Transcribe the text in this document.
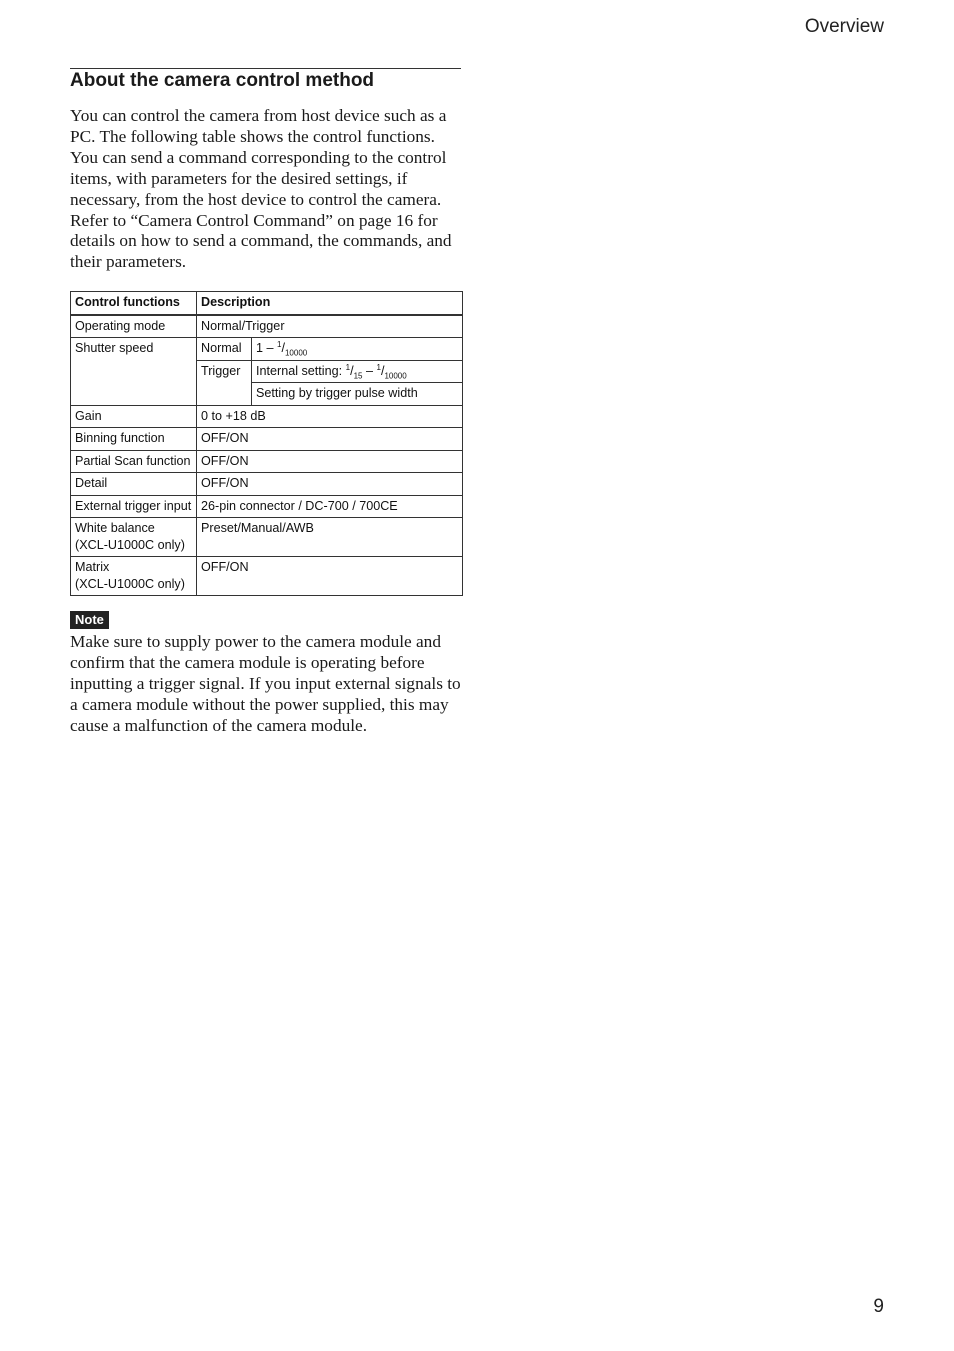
Overview
About the camera control method

You can control the camera from host device such as a PC. The following table shows the control functions. You can send a command corresponding to the control items, with parameters for the desired settings, if necessary, from the host device to control the camera. Refer to “Camera Control Command” on page 16 for details on how to send a command, the commands, and their parameters.

Control functions	Description	
Operating mode	Normal/Trigger	
Shutter speed	Normal	$1 - ^1/_{10000}$
	Trigger	Internal setting: $^1/_{15} - ^1/_{10000}$
		Setting by trigger pulse width
Gain	0 to +18 dB	
Binning function	OFF/ON	
Partial Scan function	OFF/ON	
Detail	OFF/ON	
External trigger input	26-pin connector / DC-700 / 700CE	
White balance
(XCL-U1000C only)	Preset/Manual/AWB	
Matrix
(XCL-U1000C only)	OFF/ON	
Note

Make sure to supply power to the camera module and confirm that the camera module is operating before inputting a trigger signal. If you input external signals to a camera module without the power supplied, this may cause a malfunction of the camera module.

9
